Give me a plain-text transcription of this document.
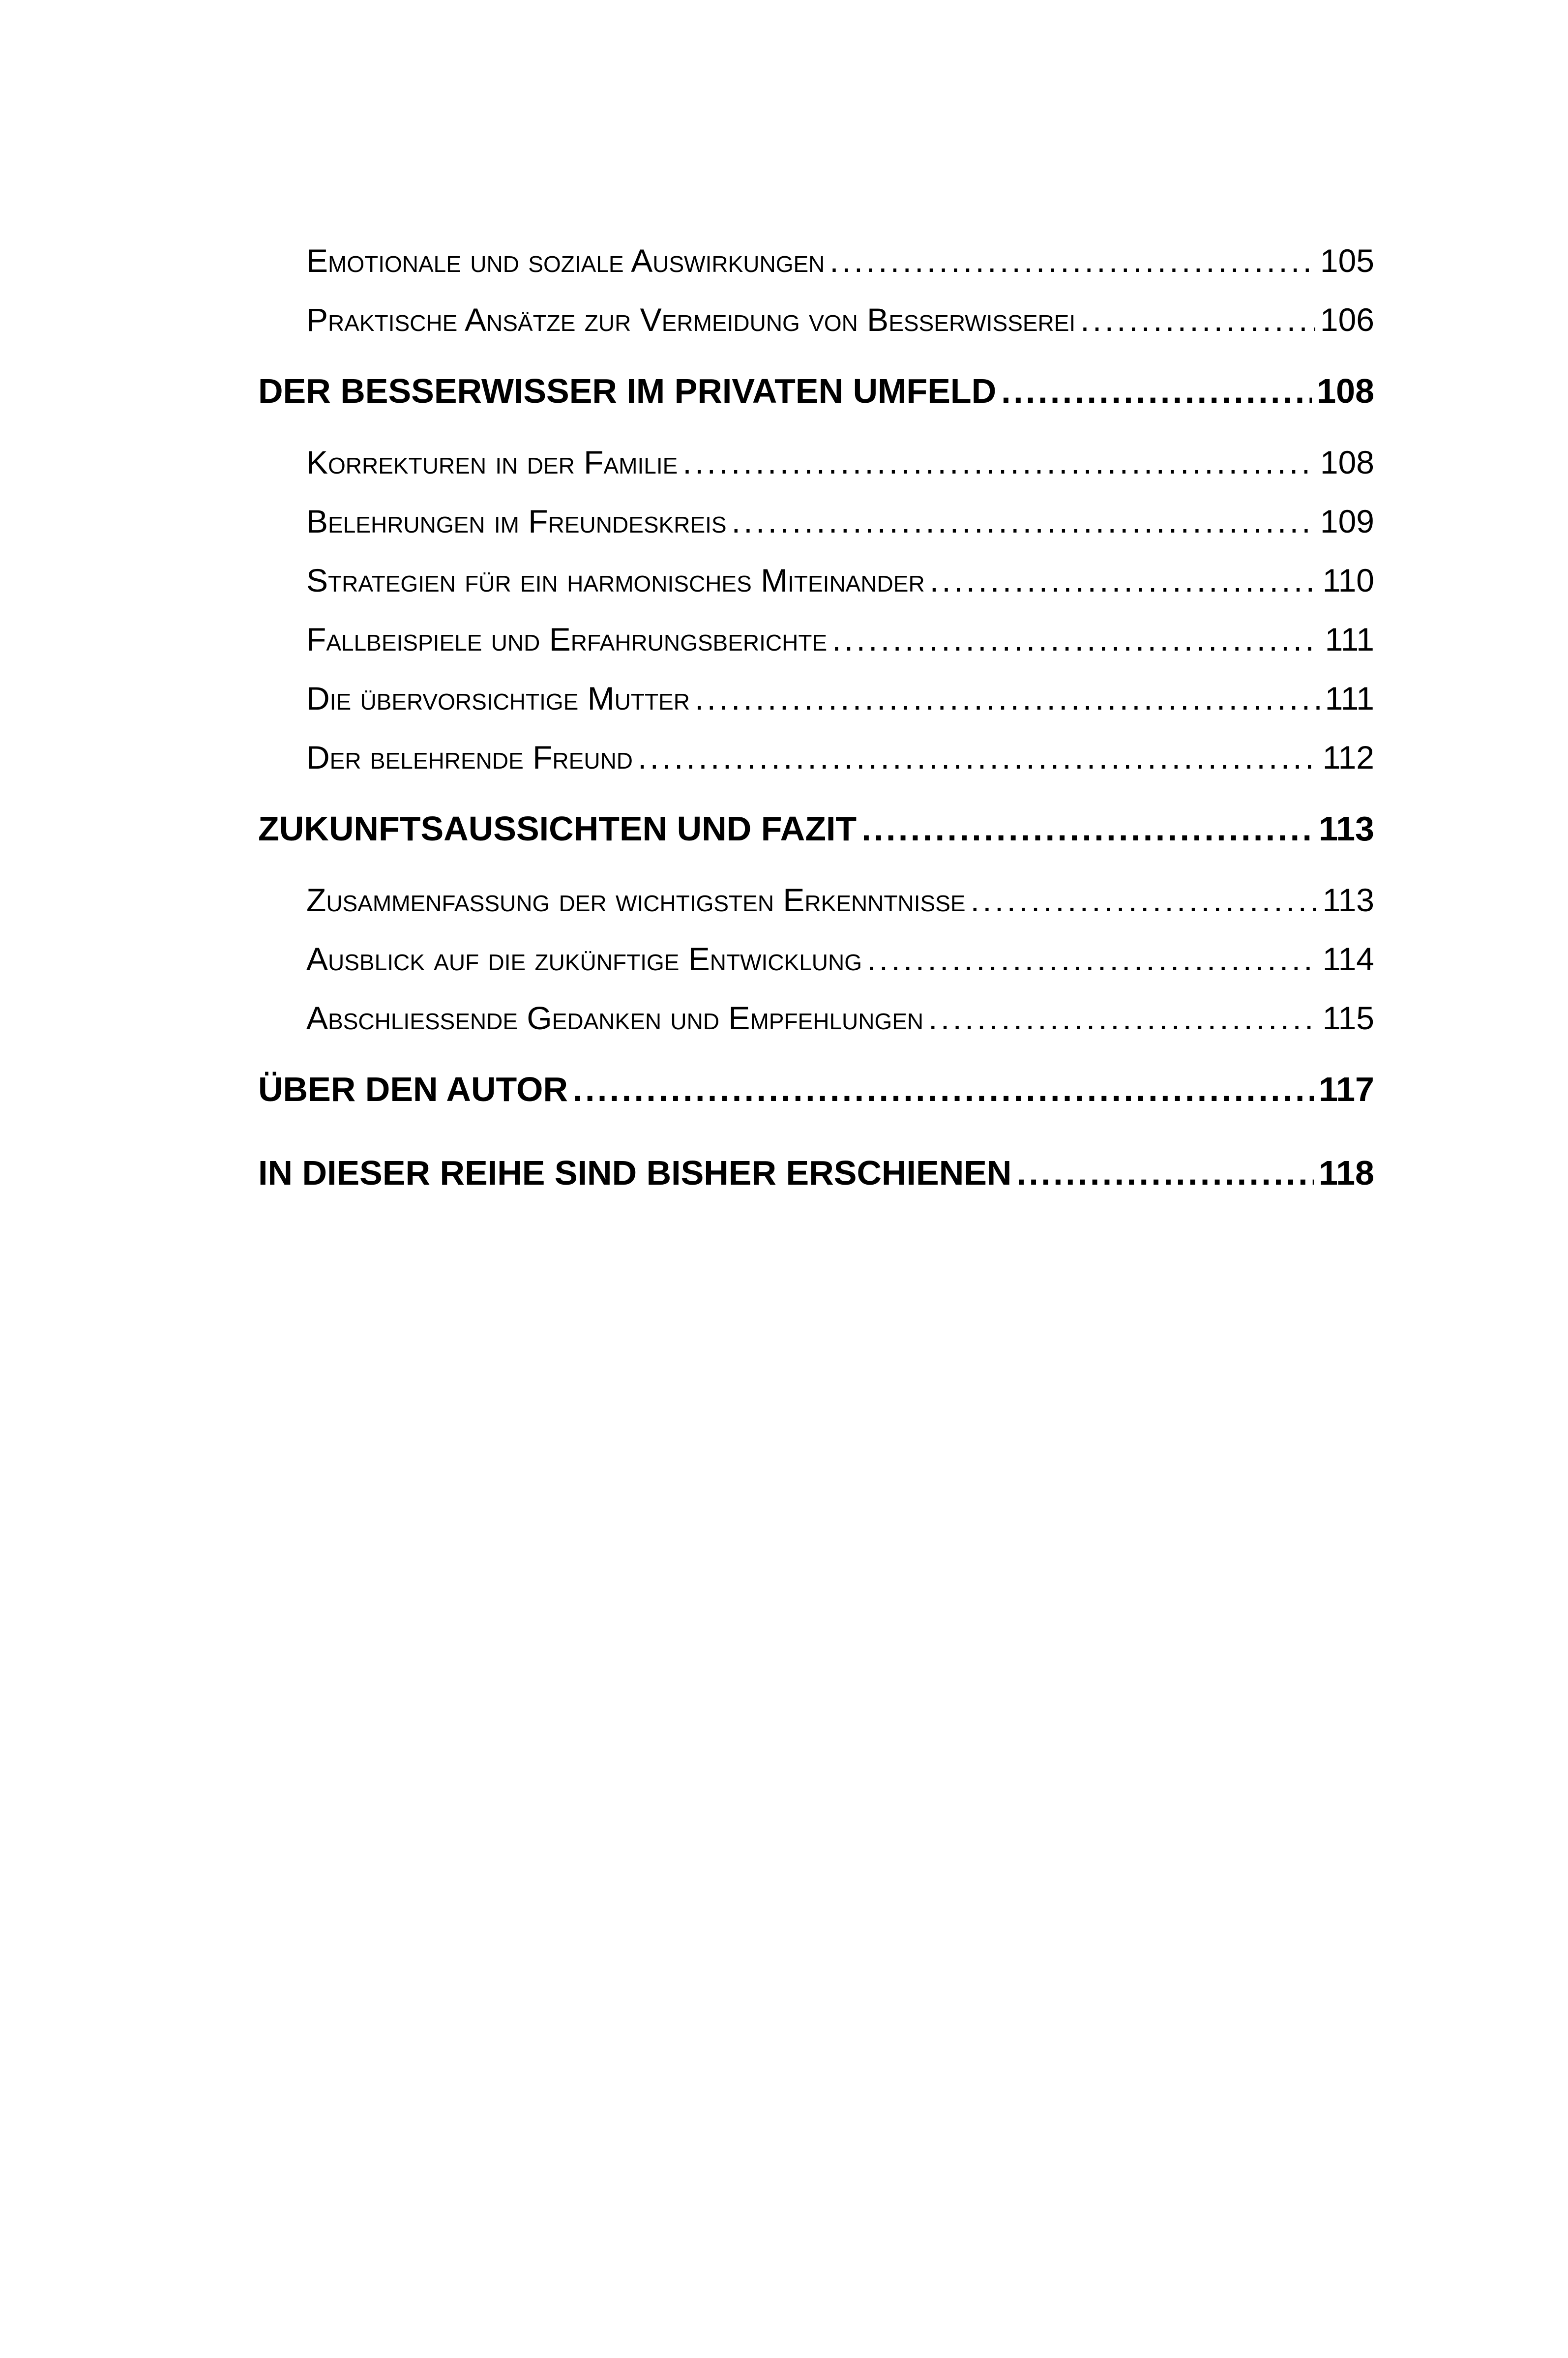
Emotionale und soziale Auswirkungen . . .	105
Praktische Ansätze zur Vermeidung von Besserwisserei . . .	106
DER BESSERWISSER IM PRIVATEN UMFELD . . .	108
Korrekturen in der Familie . . .	108
Belehrungen im Freundeskreis . . .	109
Strategien für ein harmonisches Miteinander . . .	110
Fallbeispiele und Erfahrungsberichte . . .	111
Die übervorsichtige Mutter . . .	111
Der belehrende Freund . . .	112
ZUKUNFTSAUSSICHTEN UND FAZIT . . .	113
Zusammenfassung der wichtigsten Erkenntnisse . . .	113
Ausblick auf die zukünftige Entwicklung . . .	114
Abschließende Gedanken und Empfehlungen . . .	115
ÜBER DEN AUTOR . . .	117
IN DIESER REIHE SIND BISHER ERSCHIENEN . . .	118
